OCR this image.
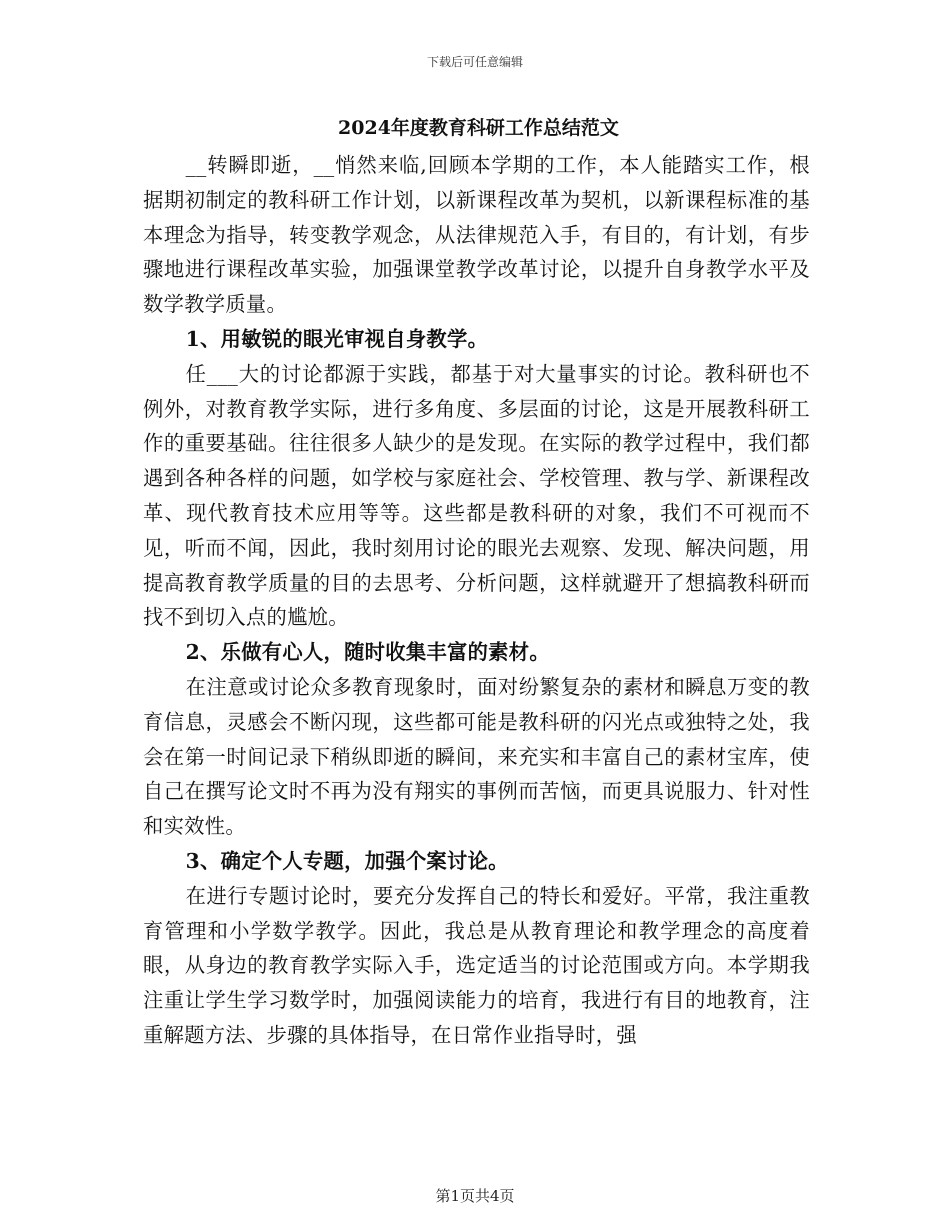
下载后可任意编辑
2024年度教育科研工作总结范文

__转瞬即逝，__悄然来临,回顾本学期的工作，本人能踏实工作，根据期初制定的教科研工作计划，以新课程改革为契机，以新课程标准的基本理念为指导，转变教学观念，从法律规范入手，有目的，有计划，有步骤地进行课程改革实验，加强课堂教学改革讨论，以提升自身教学水平及数学教学质量。

1、用敏锐的眼光审视自身教学。

任___大的讨论都源于实践，都基于对大量事实的讨论。教科研也不例外，对教育教学实际，进行多角度、多层面的讨论，这是开展教科研工作的重要基础。往往很多人缺少的是发现。在实际的教学过程中，我们都遇到各种各样的问题，如学校与家庭社会、学校管理、教与学、新课程改革、现代教育技术应用等等。这些都是教科研的对象，我们不可视而不见，听而不闻，因此，我时刻用讨论的眼光去观察、发现、解决问题，用提高教育教学质量的目的去思考、分析问题，这样就避开了想搞教科研而找不到切入点的尴尬。

2、乐做有心人，随时收集丰富的素材。

在注意或讨论众多教育现象时，面对纷繁复杂的素材和瞬息万变的教育信息，灵感会不断闪现，这些都可能是教科研的闪光点或独特之处，我会在第一时间记录下稍纵即逝的瞬间，来充实和丰富自己的素材宝库，使自己在撰写论文时不再为没有翔实的事例而苦恼，而更具说服力、针对性和实效性。

3、确定个人专题，加强个案讨论。

在进行专题讨论时，要充分发挥自己的特长和爱好。平常，我注重教育管理和小学数学教学。因此，我总是从教育理论和教学理念的高度着眼，从身边的教育教学实际入手，选定适当的讨论范围或方向。本学期我注重让学生学习数学时，加强阅读能力的培育，我进行有目的地教育，注重解题方法、步骤的具体指导，在日常作业指导时，强

第1页共4页
